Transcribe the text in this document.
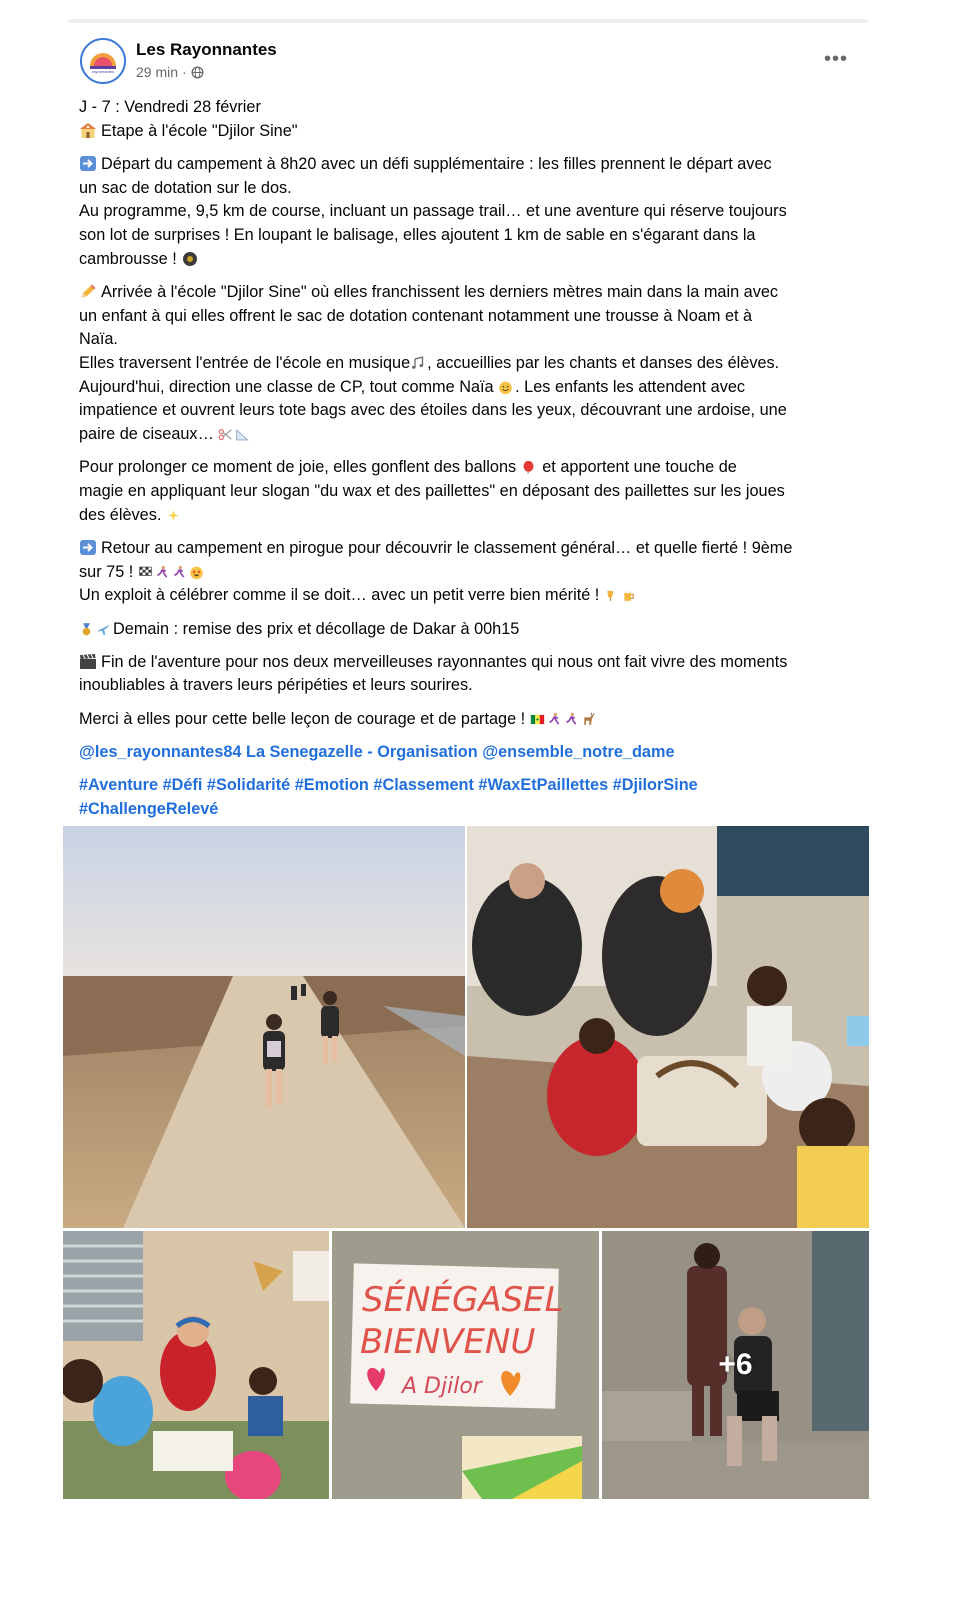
rayonnantes
Les Rayonnantes
29 min ·
•••

J - 7 : Vendredi 28 février
Etape à l'école "Djilor Sine"

Départ du campement à 8h20 avec un défi supplémentaire : les filles prennent le départ avec
un sac de dotation sur le dos.
Au programme, 9,5 km de course, incluant un passage trail… et une aventure qui réserve toujours
son lot de surprises ! En loupant le balisage, elles ajoutent 1 km de sable en s'égarant dans la
cambrousse !

Arrivée à l'école "Djilor Sine" où elles franchissent les derniers mètres main dans la main avec
un enfant à qui elles offrent le sac de dotation contenant notamment une trousse à Noam et à
Naïa.
Elles traversent l'entrée de l'école en musique , accueillies par les chants et danses des élèves.
Aujourd'hui, direction une classe de CP, tout comme Naïa . Les enfants les attendent avec
impatience et ouvrent leurs tote bags avec des étoiles dans les yeux, découvrant une ardoise, une
paire de ciseaux…

Pour prolonger ce moment de joie, elles gonflent des ballons  et apportent une touche de
magie en appliquant leur slogan "du wax et des paillettes" en déposant des paillettes sur les joues
des élèves.

Retour au campement en pirogue pour découvrir le classement général… et quelle fierté ! 9ème
sur 75 !
Un exploit à célébrer comme il se doit… avec un petit verre bien mérité !

Demain : remise des prix et décollage de Dakar à 00h15

Fin de l'aventure pour nos deux merveilleuses rayonnantes qui nous ont fait vivre des moments
inoubliables à travers leurs péripéties et leurs sourires.

Merci à elles pour cette belle leçon de courage et de partage !

@les_rayonnantes84 La Senegazelle - Organisation @ensemble_notre_dame

#Aventure #Défi #Solidarité #Emotion #Classement #WaxEtPaillettes #DjilorSine
#ChallengeRelevé

SÉNÉGASEL
BIENVENU
A Djilor
+6
